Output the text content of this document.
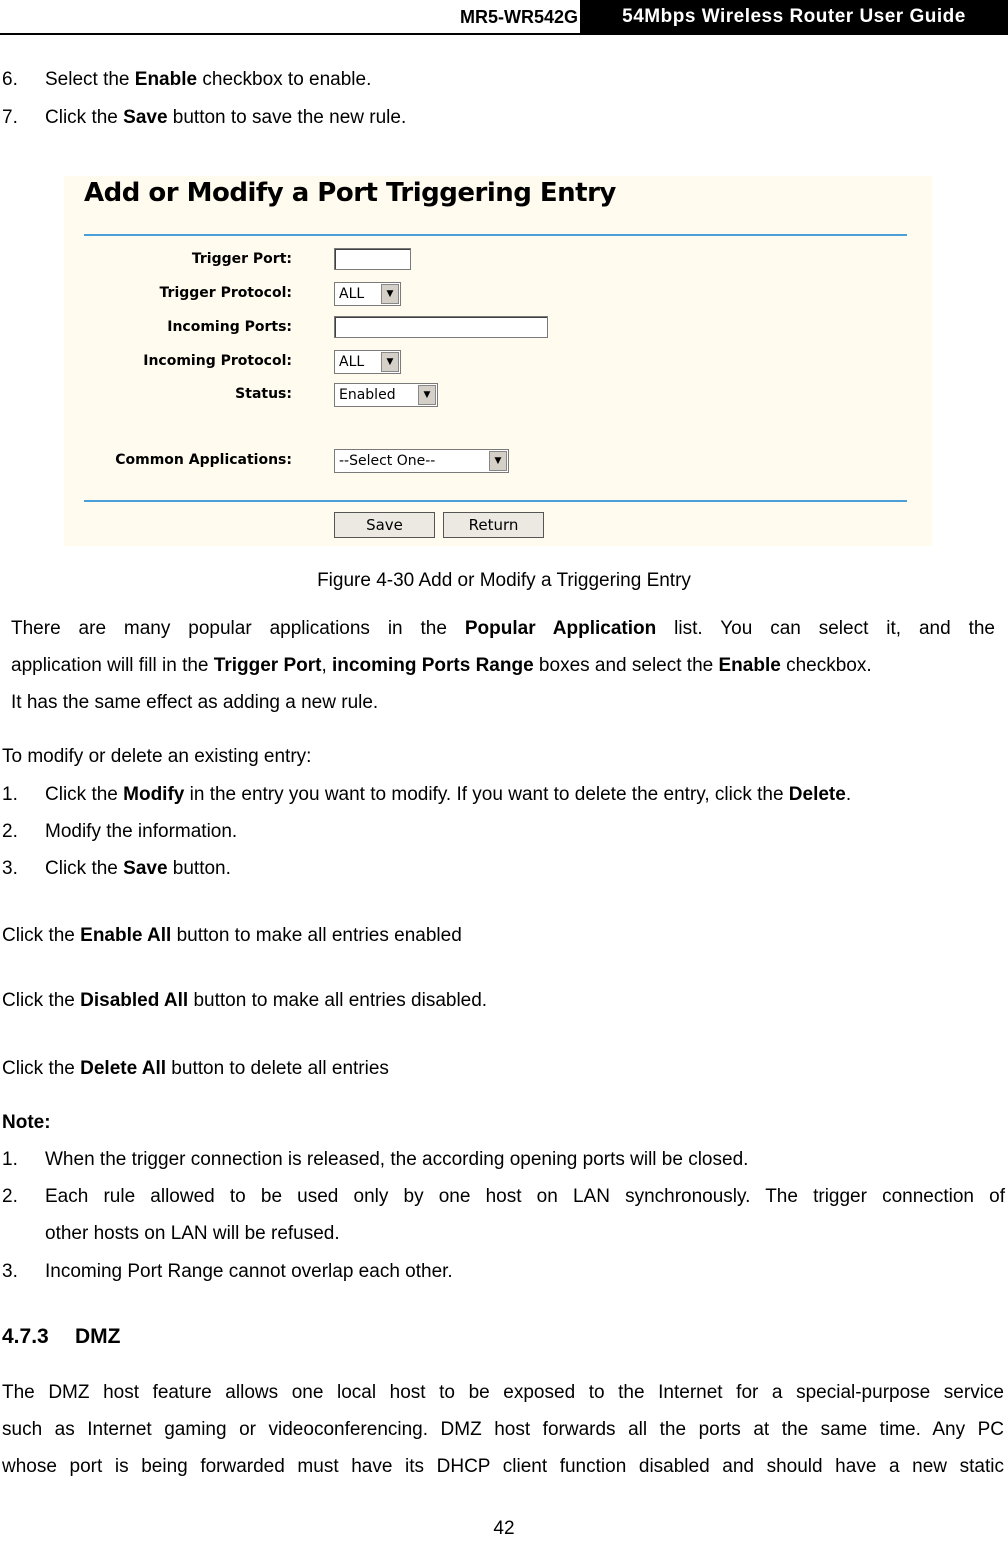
MR5-WR542G	54Mbps Wireless Router User Guide
6. Select the Enable checkbox to enable.
7. Click the Save button to save the new rule.
Add or Modify a Port Triggering Entry
Trigger Port:
Trigger Protocol:	ALL	▼
Incoming Ports:
Incoming Protocol:	ALL	▼
Status:	Enabled	▼
Common Applications:	--Select One--	▼
Save	Return
Figure 4-30 Add or Modify a Triggering Entry
There are many popular applications in the Popular Application list. You can select it, and the
application will fill in the Trigger Port, incoming Ports Range boxes and select the Enable checkbox.
It has the same effect as adding a new rule.
To modify or delete an existing entry:
1. Click the Modify in the entry you want to modify. If you want to delete the entry, click the Delete.
2. Modify the information.
3. Click the Save button.
Click the Enable All button to make all entries enabled
Click the Disabled All button to make all entries disabled.
Click the Delete All button to delete all entries
Note:
1. When the trigger connection is released, the according opening ports will be closed.
2. Each rule allowed to be used only by one host on LAN synchronously. The trigger connection of
other hosts on LAN will be refused.
3. Incoming Port Range cannot overlap each other.
4.7.3 DMZ
The DMZ host feature allows one local host to be exposed to the Internet for a special-purpose service
such as Internet gaming or videoconferencing. DMZ host forwards all the ports at the same time. Any PC
whose port is being forwarded must have its DHCP client function disabled and should have a new static
42
